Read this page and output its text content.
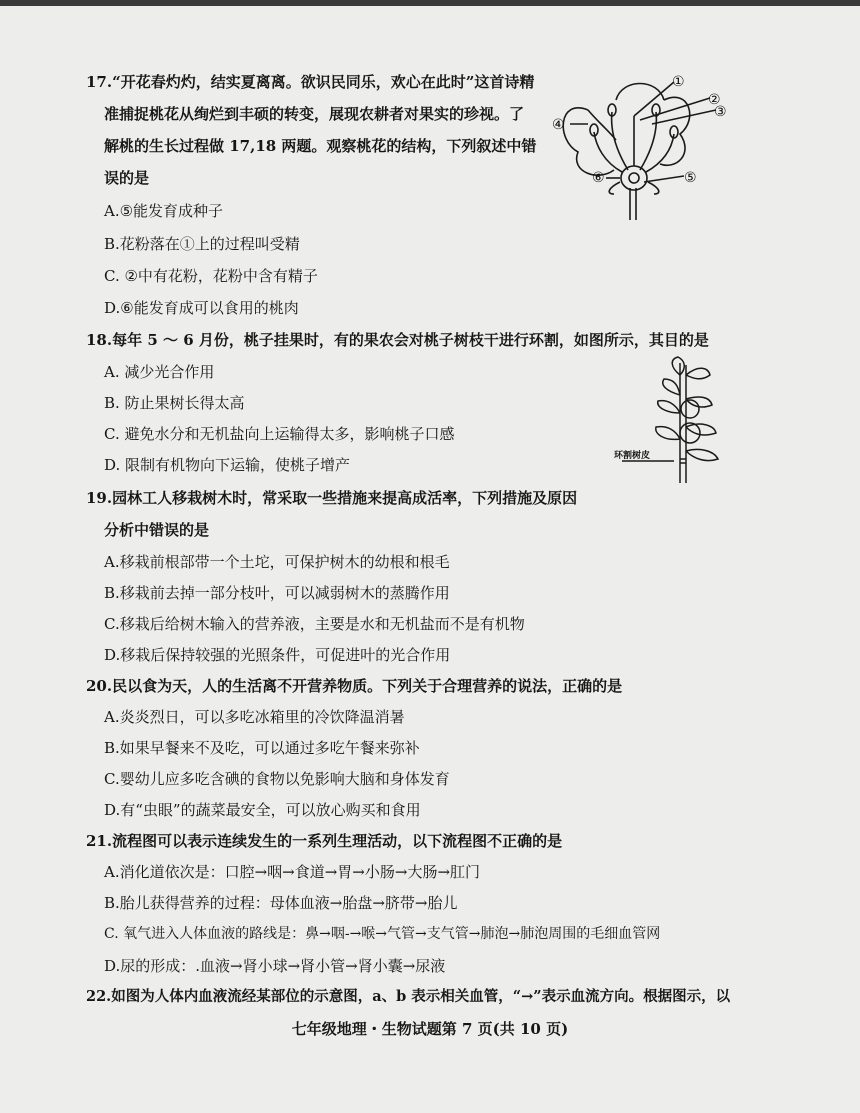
17.“开花春灼灼，结实夏离离。欲识民同乐，欢心在此时”这首诗精
准捕捉桃花从绚烂到丰硕的转变，展现农耕者对果实的珍视。了
解桃的生长过程做 17,18 两题。观察桃花的结构，下列叙述中错
误的是
A.⑤能发育成种子
B.花粉落在①上的过程叫受精
C. ②中有花粉，花粉中含有精子
D.⑥能发育成可以食用的桃肉
①
②
③
④
⑤
⑥
18.每年 5 ～ 6 月份，桃子挂果时，有的果农会对桃子树枝干进行环割，如图所示，其目的是
A. 减少光合作用
B. 防止果树长得太高
C. 避免水分和无机盐向上运输得太多，影响桃子口感
D. 限制有机物向下运输，使桃子增产	环割树皮
19.园林工人移栽树木时，常采取一些措施来提高成活率，下列措施及原因
分析中错误的是
A.移栽前根部带一个土坨，可保护树木的幼根和根毛
B.移栽前去掉一部分枝叶，可以减弱树木的蒸腾作用
C.移栽后给树木输入的营养液，主要是水和无机盐而不是有机物
D.移栽后保持较强的光照条件，可促进叶的光合作用
20.民以食为天，人的生活离不开营养物质。下列关于合理营养的说法，正确的是
A.炎炎烈日，可以多吃冰箱里的冷饮降温消暑
B.如果早餐来不及吃，可以通过多吃午餐来弥补
C.婴幼儿应多吃含碘的食物以免影响大脑和身体发育
D.有“虫眼”的蔬菜最安全，可以放心购买和食用
21.流程图可以表示连续发生的一系列生理活动，以下流程图不正确的是
A.消化道依次是：口腔→咽→食道→胃→小肠→大肠→肛门
B.胎儿获得营养的过程：母体血液→胎盘→脐带→胎儿
C. 氧气进入人体血液的路线是：鼻→咽-→喉→气管→支气管→肺泡→肺泡周围的毛细血管网
D.尿的形成：.血液→肾小球→肾小管→肾小囊→尿液
22.如图为人体内血液流经某部位的示意图，a、b 表示相关血管，“→”表示血流方向。根据图示，以
七年级地理・生物试题第 7 页(共 10 页)
